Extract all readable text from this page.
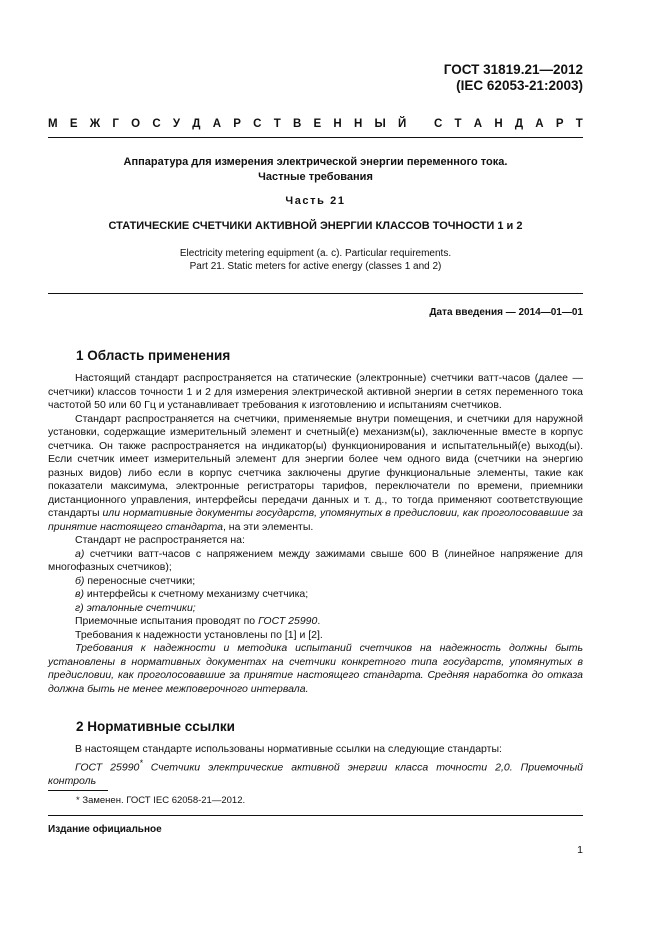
ГОСТ 31819.21—2012
(IEC 62053-21:2003)
М Е Ж Г О С У Д А Р С Т В Е Н Н Ы Й
С Т А Н Д А Р Т
Аппаратура для измерения электрической энергии переменного тока.
Частные требования
Часть 21
СТАТИЧЕСКИЕ СЧЕТЧИКИ АКТИВНОЙ ЭНЕРГИИ КЛАССОВ ТОЧНОСТИ 1 и 2
Electricity metering equipment (a. c). Particular requirements.
Part 21. Static meters for active energy (classes 1 and 2)
Дата введения — 2014—01—01
1 Область применения

Настоящий стандарт распространяется на статические (электронные) счетчики ватт-часов (далее — счетчики) классов точности 1 и 2 для измерения электрической активной энергии в сетях переменного тока частотой 50 или 60 Гц и устанавливает требования к изготовлению и испытаниям счетчиков.

Стандарт распространяется на счетчики, применяемые внутри помещения, и счетчики для наружной установки, содержащие измерительный элемент и счетный(е) механизм(ы), заключенные вместе в корпус счетчика. Он также распространяется на индикатор(ы) функционирования и испытательный(е) выход(ы). Если счетчик имеет измерительный элемент для энергии более чем одного вида (счетчики на энергию разных видов) либо если в корпус счетчика заключены другие функциональные элементы, такие как показатели максимума, электронные регистраторы тарифов, переключатели по времени, приемники дистанционного управления, интерфейсы передачи данных и т. д., то тогда применяют соответствующие стандарты или нормативные документы государств, упомянутых в предисловии, как проголосовавшие за принятие настоящего стандарта, на эти элементы.

Стандарт не распространяется на:

а) счетчики ватт-часов с напряжением между зажимами свыше 600 В (линейное напряжение для многофазных счетчиков);

б) переносные счетчики;

в) интерфейсы к счетному механизму счетчика;

г) эталонные счетчики;

Приемочные испытания проводят по ГОСТ 25990.

Требования к надежности установлены по [1] и [2].

Требования к надежности и методика испытаний счетчиков на надежность должны быть установлены в нормативных документах на счетчики конкретного типа государств, упомянутых в предисловии, как проголосовавшие за принятие настоящего стандарта. Средняя наработка до отказа должна быть не менее межповерочного интервала.

2 Нормативные ссылки

В настоящем стандарте использованы нормативные ссылки на следующие стандарты:

ГОСТ 25990* Счетчики электрические активной энергии класса точности 2,0. Приемочный контроль

* Заменен. ГОСТ IEC 62058-21—2012.
Издание официальное
1
